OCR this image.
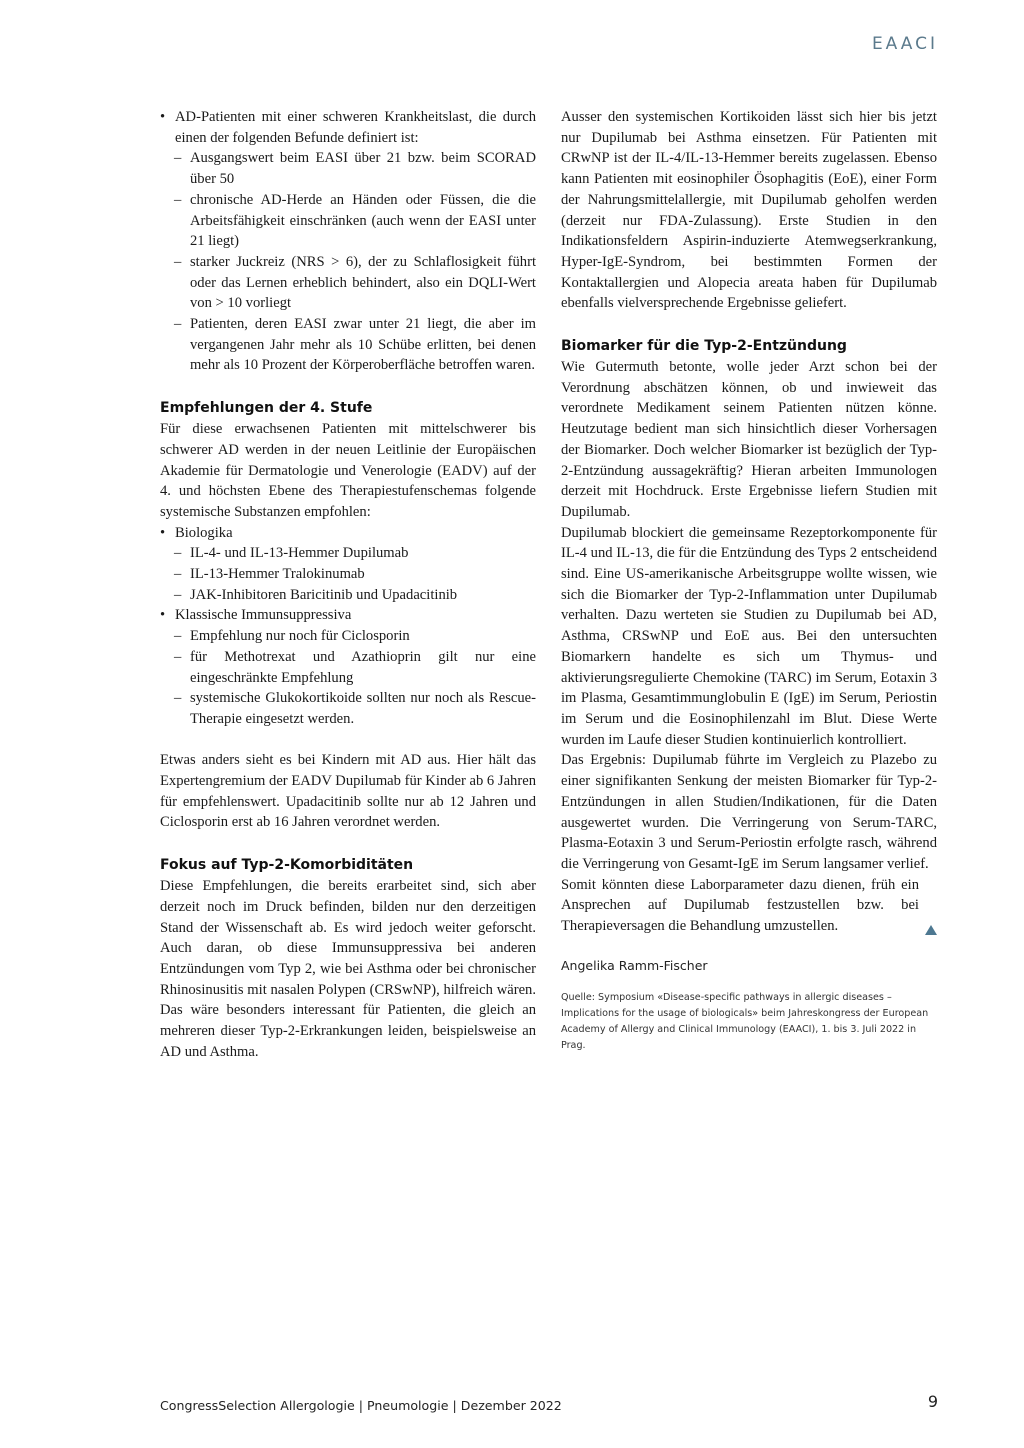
EAACI
• AD-Patienten mit einer schweren Krankheitslast, die durch einen der folgenden Befunde definiert ist:
– Ausgangswert beim EASI über 21 bzw. beim SCORAD über 50
– chronische AD-Herde an Händen oder Füssen, die die Arbeitsfähigkeit einschränken (auch wenn der EASI unter 21 liegt)
– starker Juckreiz (NRS > 6), der zu Schlaflosigkeit führt oder das Lernen erheblich behindert, also ein DQLI-Wert von > 10 vorliegt
– Patienten, deren EASI zwar unter 21 liegt, die aber im vergangenen Jahr mehr als 10 Schübe erlitten, bei denen mehr als 10 Prozent der Körperoberfläche betroffen waren.
Empfehlungen der 4. Stufe

Für diese erwachsenen Patienten mit mittelschwerer bis schwerer AD werden in der neuen Leitlinie der Europäischen Akademie für Dermatologie und Venerologie (EADV) auf der 4. und höchsten Ebene des Therapiestufenschemas folgende systemische Substanzen empfohlen:

• Biologika
– IL-4- und IL-13-Hemmer Dupilumab
– IL-13-Hemmer Tralokinumab
– JAK-Inhibitoren Baricitinib und Upadacitinib
• Klassische Immunsuppressiva
– Empfehlung nur noch für Ciclosporin
– für Methotrexat und Azathioprin gilt nur eine eingeschränkte Empfehlung
– systemische Glukokortikoide sollten nur noch als Rescue-Therapie eingesetzt werden.

Etwas anders sieht es bei Kindern mit AD aus. Hier hält das Expertengremium der EADV Dupilumab für Kinder ab 6 Jahren für empfehlenswert. Upadacitinib sollte nur ab 12 Jahren und Ciclosporin erst ab 16 Jahren verordnet werden.

Fokus auf Typ-2-Komorbiditäten

Diese Empfehlungen, die bereits erarbeitet sind, sich aber derzeit noch im Druck befinden, bilden nur den derzeitigen Stand der Wissenschaft ab. Es wird jedoch weiter geforscht. Auch daran, ob diese Immunsuppressiva bei anderen Entzündungen vom Typ 2, wie bei Asthma oder bei chronischer Rhinosinusitis mit nasalen Polypen (CRSwNP), hilfreich wären. Das wäre besonders interessant für Patienten, die gleich an mehreren dieser Typ-2-Erkrankungen leiden, beispielsweise an AD und Asthma.

Ausser den systemischen Kortikoiden lässt sich hier bis jetzt nur Dupilumab bei Asthma einsetzen. Für Patienten mit CRwNP ist der IL-4/IL-13-Hemmer bereits zugelassen. Ebenso kann Patienten mit eosinophiler Ösophagitis (EoE), einer Form der Nahrungsmittelallergie, mit Dupilumab geholfen werden (derzeit nur FDA-Zulassung). Erste Studien in den Indikationsfeldern Aspirin-induzierte Atemwegserkrankung, Hyper-IgE-Syndrom, bei bestimmten Formen der Kontaktallergien und Alopecia areata haben für Dupilumab ebenfalls vielversprechende Ergebnisse geliefert.

Biomarker für die Typ-2-Entzündung

Wie Gutermuth betonte, wolle jeder Arzt schon bei der Verordnung abschätzen können, ob und inwieweit das verordnete Medikament seinem Patienten nützen könne. Heutzutage bedient man sich hinsichtlich dieser Vorhersagen der Biomarker. Doch welcher Biomarker ist bezüglich der Typ-2-Entzündung aussagekräftig? Hieran arbeiten Immunologen derzeit mit Hochdruck. Erste Ergebnisse liefern Studien mit Dupilumab.

Dupilumab blockiert die gemeinsame Rezeptorkomponente für IL-4 und IL-13, die für die Entzündung des Typs 2 entscheidend sind. Eine US-amerikanische Arbeitsgruppe wollte wissen, wie sich die Biomarker der Typ-2-Inflammation unter Dupilumab verhalten. Dazu werteten sie Studien zu Dupilumab bei AD, Asthma, CRSwNP und EoE aus. Bei den untersuchten Biomarkern handelte es sich um Thymus- und aktivierungsregulierte Chemokine (TARC) im Serum, Eotaxin 3 im Plasma, Gesamtimmunglobulin E (IgE) im Serum, Periostin im Serum und die Eosinophilenzahl im Blut. Diese Werte wurden im Laufe dieser Studien kontinuierlich kontrolliert.

Das Ergebnis: Dupilumab führte im Vergleich zu Plazebo zu einer signifikanten Senkung der meisten Biomarker für Typ-2-Entzündungen in allen Studien/Indikationen, für die Daten ausgewertet wurden. Die Verringerung von Serum-TARC, Plasma-Eotaxin 3 und Serum-Periostin erfolgte rasch, während die Verringerung von Gesamt-IgE im Serum langsamer verlief.

Somit könnten diese Laborparameter dazu dienen, früh ein Ansprechen auf Dupilumab festzustellen bzw. bei Therapieversagen die Behandlung umzustellen.

Angelika Ramm-Fischer
Quelle: Symposium «Disease-specific pathways in allergic diseases – Implications for the usage of biologicals» beim Jahreskongress der European Academy of Allergy and Clinical Immunology (EAACI), 1. bis 3. Juli 2022 in Prag.
CongressSelection Allergologie | Pneumologie | Dezember 2022	9
